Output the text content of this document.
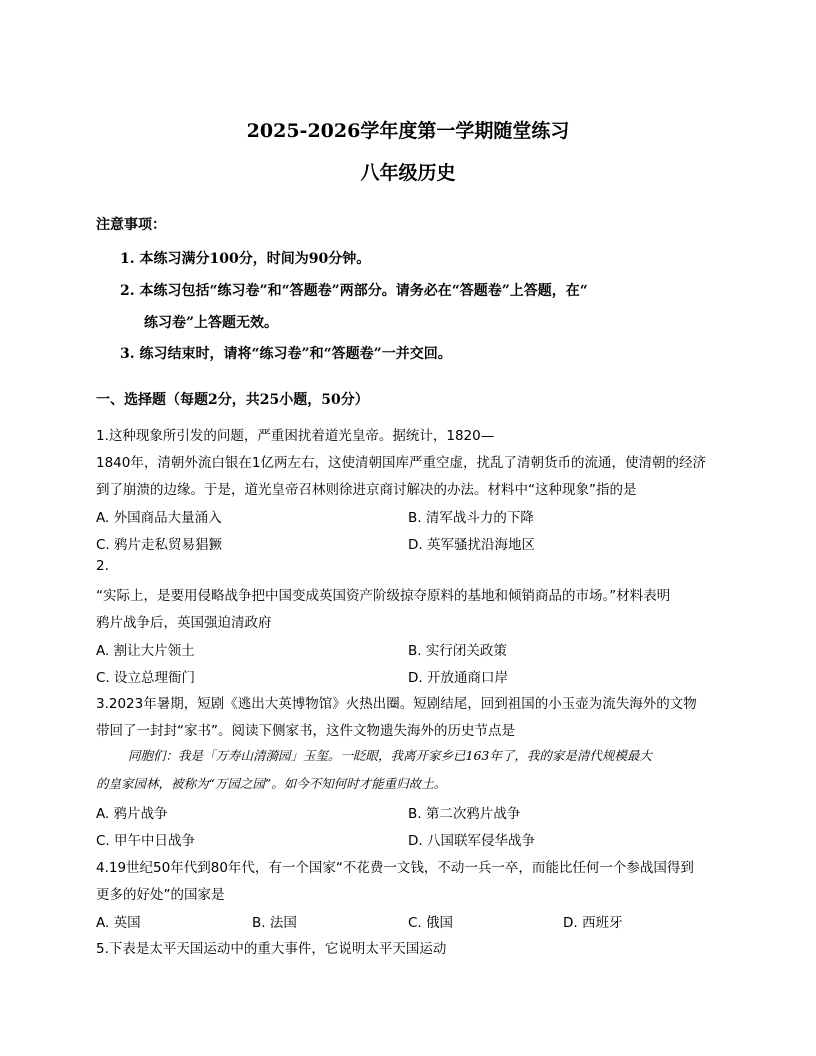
2025-2026学年度第一学期随堂练习
八年级历史
注意事项：
1. 本练习满分100分，时间为90分钟。
2. 本练习包括“练习卷”和“答题卷”两部分。请务必在“答题卷”上答题，在“
练习卷”上答题无效。
3. 练习结束时，请将“练习卷”和“答题卷”一并交回。
一、选择题（每题2分，共25小题，50分）
1.这种现象所引发的问题，严重困扰着道光皇帝。据统计，1820—
1840年，清朝外流白银在1亿两左右，这使清朝国库严重空虚，扰乱了清朝货币的流通，使清朝的经济
到了崩溃的边缘。于是，道光皇帝召林则徐进京商讨解决的办法。材料中“这种现象”指的是
A. 外国商品大量涌入	B. 清军战斗力的下降
C. 鸦片走私贸易猖獗	D. 英军骚扰沿海地区
2.
“实际上，是要用侵略战争把中国变成英国资产阶级掠夺原料的基地和倾销商品的市场。”材料表明
鸦片战争后，英国强迫清政府
A. 割让大片领土	B. 实行闭关政策
C. 设立总理衙门	D. 开放通商口岸
3.2023年暑期，短剧《逃出大英博物馆》火热出圈。短剧结尾，回到祖国的小玉壶为流失海外的文物
带回了一封封“家书”。阅读下侧家书，这件文物遗失海外的历史节点是
同胞们：我是「万寿山清漪园」玉玺。一眨眼，我离开家乡已163年了，我的家是清代规模最大
的皇家园林，被称为“万园之园”。如今不知何时才能重归故土。
A. 鸦片战争	B. 第二次鸦片战争
C. 甲午中日战争	D. 八国联军侵华战争
4.19世纪50年代到80年代，有一个国家“不花费一文钱，不动一兵一卒，而能比任何一个参战国得到
更多的好处”的国家是
A. 英国	B. 法国	C. 俄国	D. 西班牙
5.下表是太平天国运动中的重大事件，它说明太平天国运动
